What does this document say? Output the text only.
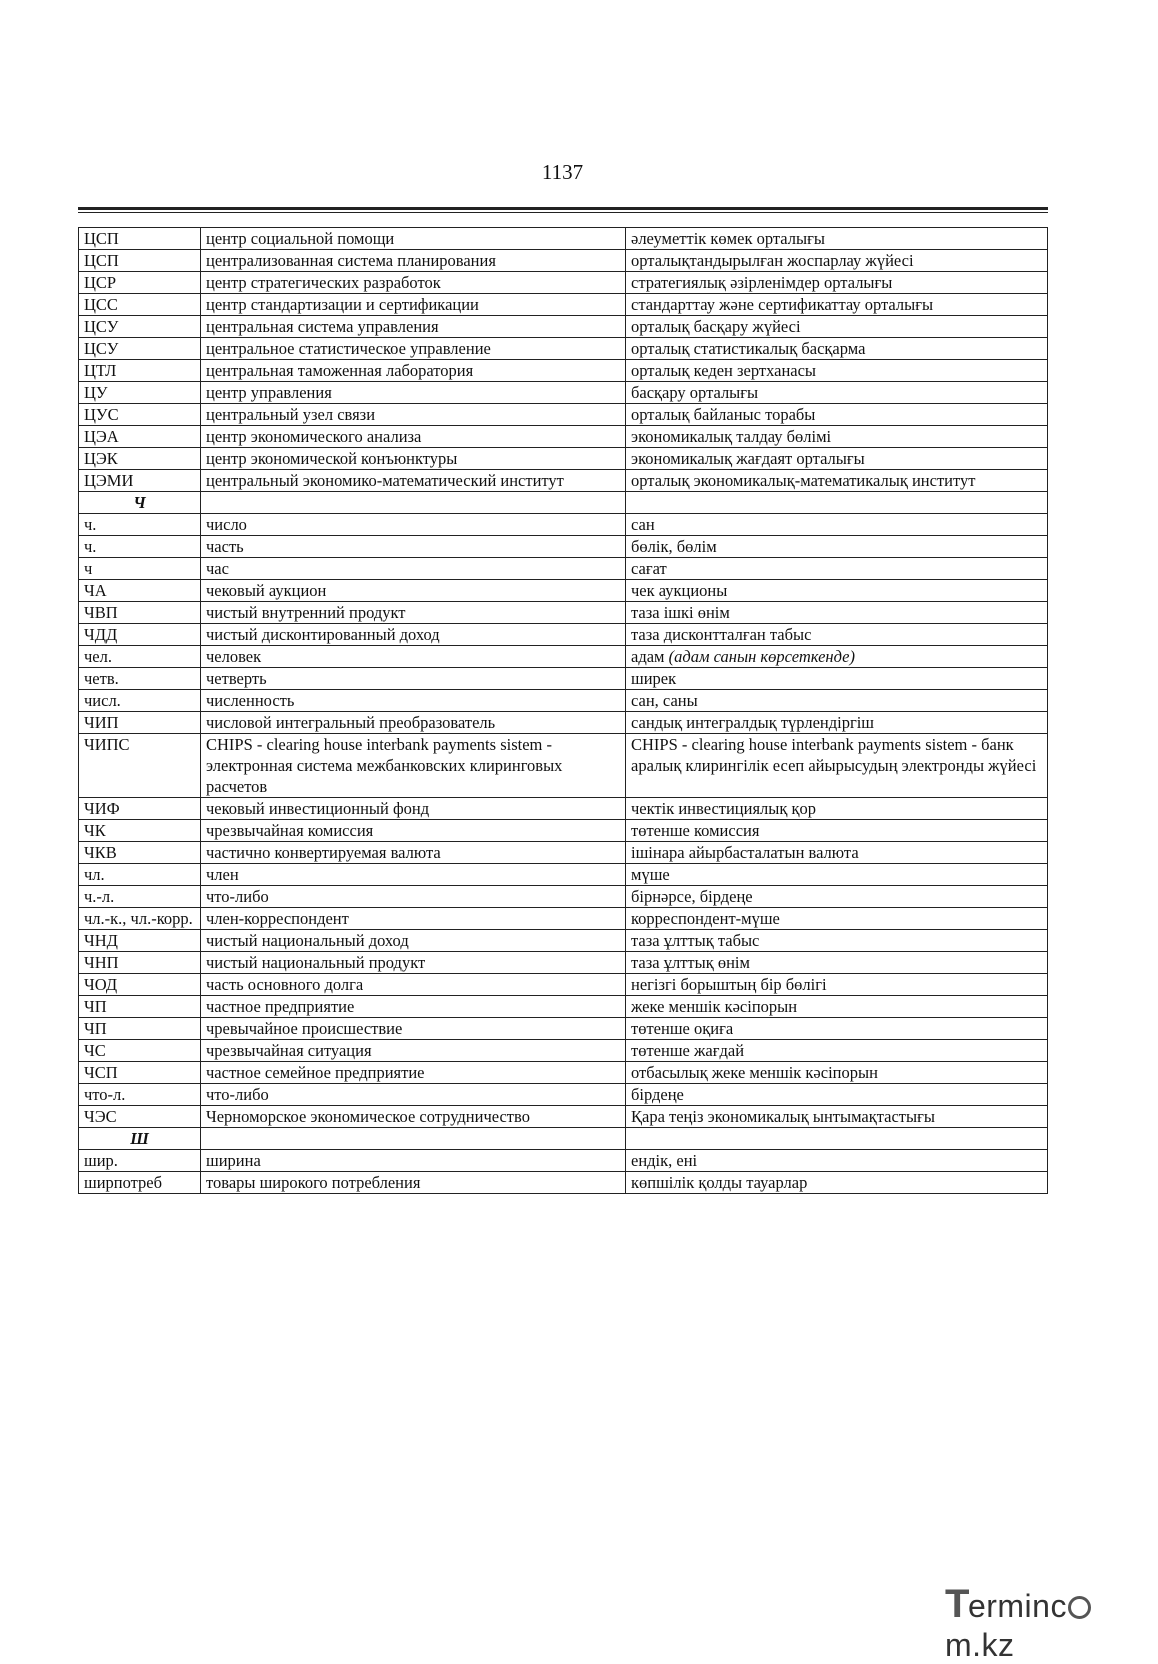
1137
ЦСП	центр социальной помощи	әлеуметтік көмек орталығы
ЦСП	централизованная система планирования	орталықтандырылған жоспарлау жүйесі
ЦСР	центр стратегических разработок	стратегиялық әзірленімдер орталығы
ЦСС	центр стандартизации и сертификации	стандарттау және сертификаттау орталығы
ЦСУ	центральная система управления	орталық басқару жүйесі
ЦСУ	центральное статистическое управление	орталық статистикалық басқарма
ЦТЛ	центральная таможенная лаборатория	орталық кеден зертханасы
ЦУ	центр управления	басқару орталығы
ЦУС	центральный узел связи	орталық байланыс торабы
ЦЭА	центр экономического анализа	экономикалық талдау бөлімі
ЦЭК	центр экономической конъюнктуры	экономикалық жағдаят орталығы
ЦЭМИ	центральный экономико-математический институт	орталық экономикалық-математикалық институт
Ч		
ч.	число	сан
ч.	часть	бөлік, бөлім
ч	час	сағат
ЧА	чековый аукцион	чек аукционы
ЧВП	чистый внутренний продукт	таза ішкі өнім
ЧДД	чистый дисконтированный доход	таза дисконтталған табыс
чел.	человек	адам (адам санын көрсеткенде)
четв.	четверть	ширек
числ.	численность	сан, саны
ЧИП	числовой интегральный преобразователь	сандық интегралдық түрлендіргіш
ЧИПС	CHIPS - clearing house interbank payments sistem - электронная система межбанковских клиринговых расчетов	CHIPS - clearing house interbank payments sistem - банк аралық клирингілік есеп айырысудың электронды жүйесі
ЧИФ	чековый инвестиционный фонд	чектік инвестициялық қор
ЧК	чрезвычайная комиссия	төтенше комиссия
ЧКВ	частично конвертируемая валюта	ішінара айырбасталатын валюта
чл.	член	мүше
ч.-л.	что-либо	бірнәрсе, бірдеңе
чл.-к., чл.-корр.	член-корреспондент	корреспондент-мүше
ЧНД	чистый национальный доход	таза ұлттық табыс
ЧНП	чистый национальный продукт	таза ұлттық өнім
ЧОД	часть основного долга	негізгі борыштың бір бөлігі
ЧП	частное предприятие	жеке меншік кәсіпорын
ЧП	чревычайное происшествие	төтенше оқиға
ЧС	чрезвычайная ситуация	төтенше жағдай
ЧСП	частное семейное предприятие	отбасылық жеке меншік кәсіпорын
что-л.	что-либо	бірдеңе
ЧЭС	Черноморское экономическое сотрудничество	Қара теңіз экономикалық ынтымақтастығы
Ш		
шир.	ширина	ендік, ені
ширпотреб	товары широкого потребления	көпшілік қолды тауарлар
Termincm.kz
